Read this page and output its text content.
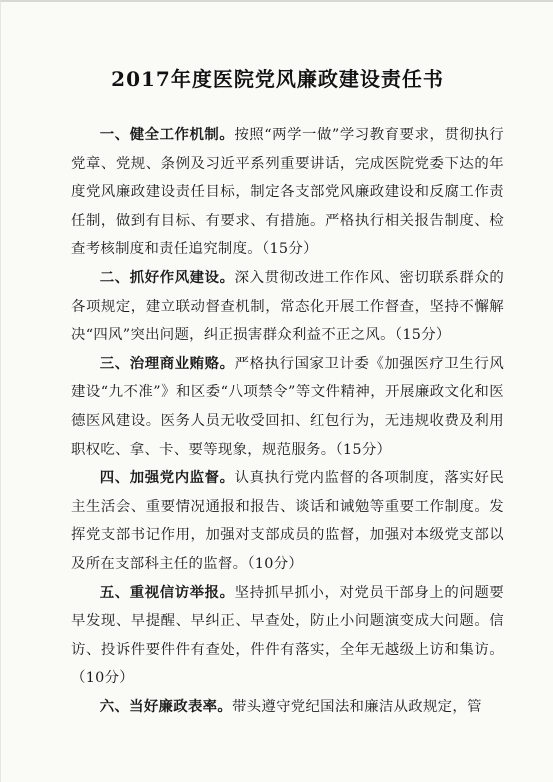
2017年度医院党风廉政建设责任书

一、健全工作机制。按照“两学一做”学习教育要求，贯彻执行党章、党规、条例及习近平系列重要讲话，完成医院党委下达的年度党风廉政建设责任目标，制定各支部党风廉政建设和反腐工作责任制，做到有目标、有要求、有措施。严格执行相关报告制度、检查考核制度和责任追究制度。（15分）

二、抓好作风建设。深入贯彻改进工作作风、密切联系群众的各项规定，建立联动督查机制，常态化开展工作督查，坚持不懈解决“四风”突出问题，纠正损害群众利益不正之风。（15分）

三、治理商业贿赂。严格执行国家卫计委《加强医疗卫生行风建设“九不准”》和区委“八项禁令”等文件精神，开展廉政文化和医德医风建设。医务人员无收受回扣、红包行为，无违规收费及利用职权吃、拿、卡、要等现象，规范服务。（15分）

四、加强党内监督。认真执行党内监督的各项制度，落实好民主生活会、重要情况通报和报告、谈话和诫勉等重要工作制度。发挥党支部书记作用，加强对支部成员的监督，加强对本级党支部以及所在支部科主任的监督。（10分）

五、重视信访举报。坚持抓早抓小，对党员干部身上的问题要早发现、早提醒、早纠正、早查处，防止小问题演变成大问题。信访、投诉件要件件有查处，件件有落实，全年无越级上访和集访。（10分）

六、当好廉政表率。带头遵守党纪国法和廉洁从政规定，管
